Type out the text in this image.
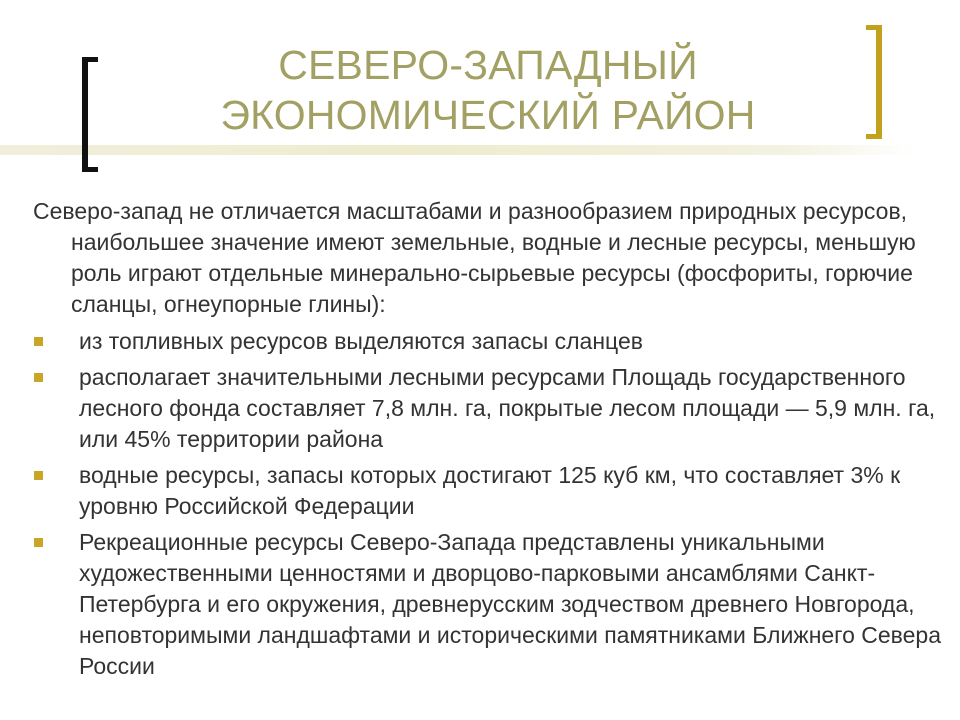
СЕВЕРО-ЗАПАДНЫЙ
ЭКОНОМИЧЕСКИЙ РАЙОН

Северо-запад не отличается масштабами и разнообразием природных ресурсов, наибольшее значение имеют земельные, водные и лесные ресурсы, меньшую роль играют отдельные минерально-сырьевые ресурсы (фосфориты, горючие сланцы, огнеупорные глины):

из топливных ресурсов выделяются запасы сланцев
располагает значительными лесными ресурсами Площадь государственного лесного фонда составляет 7,8 млн. га, покрытые лесом площади — 5,9 млн. га, или 45% территории района
водные ресурсы, запасы которых достигают 125 куб км, что составляет 3% к уровню Российской Федерации
Рекреационные ресурсы Северо-Запада представлены уникальными художественными ценностями и дворцово-парковыми ансамблями Санкт-Петербурга и его окружения, древнерусским зодчеством древнего Новгорода, неповторимыми ландшафтами и историческими памятниками Ближнего Севера России
